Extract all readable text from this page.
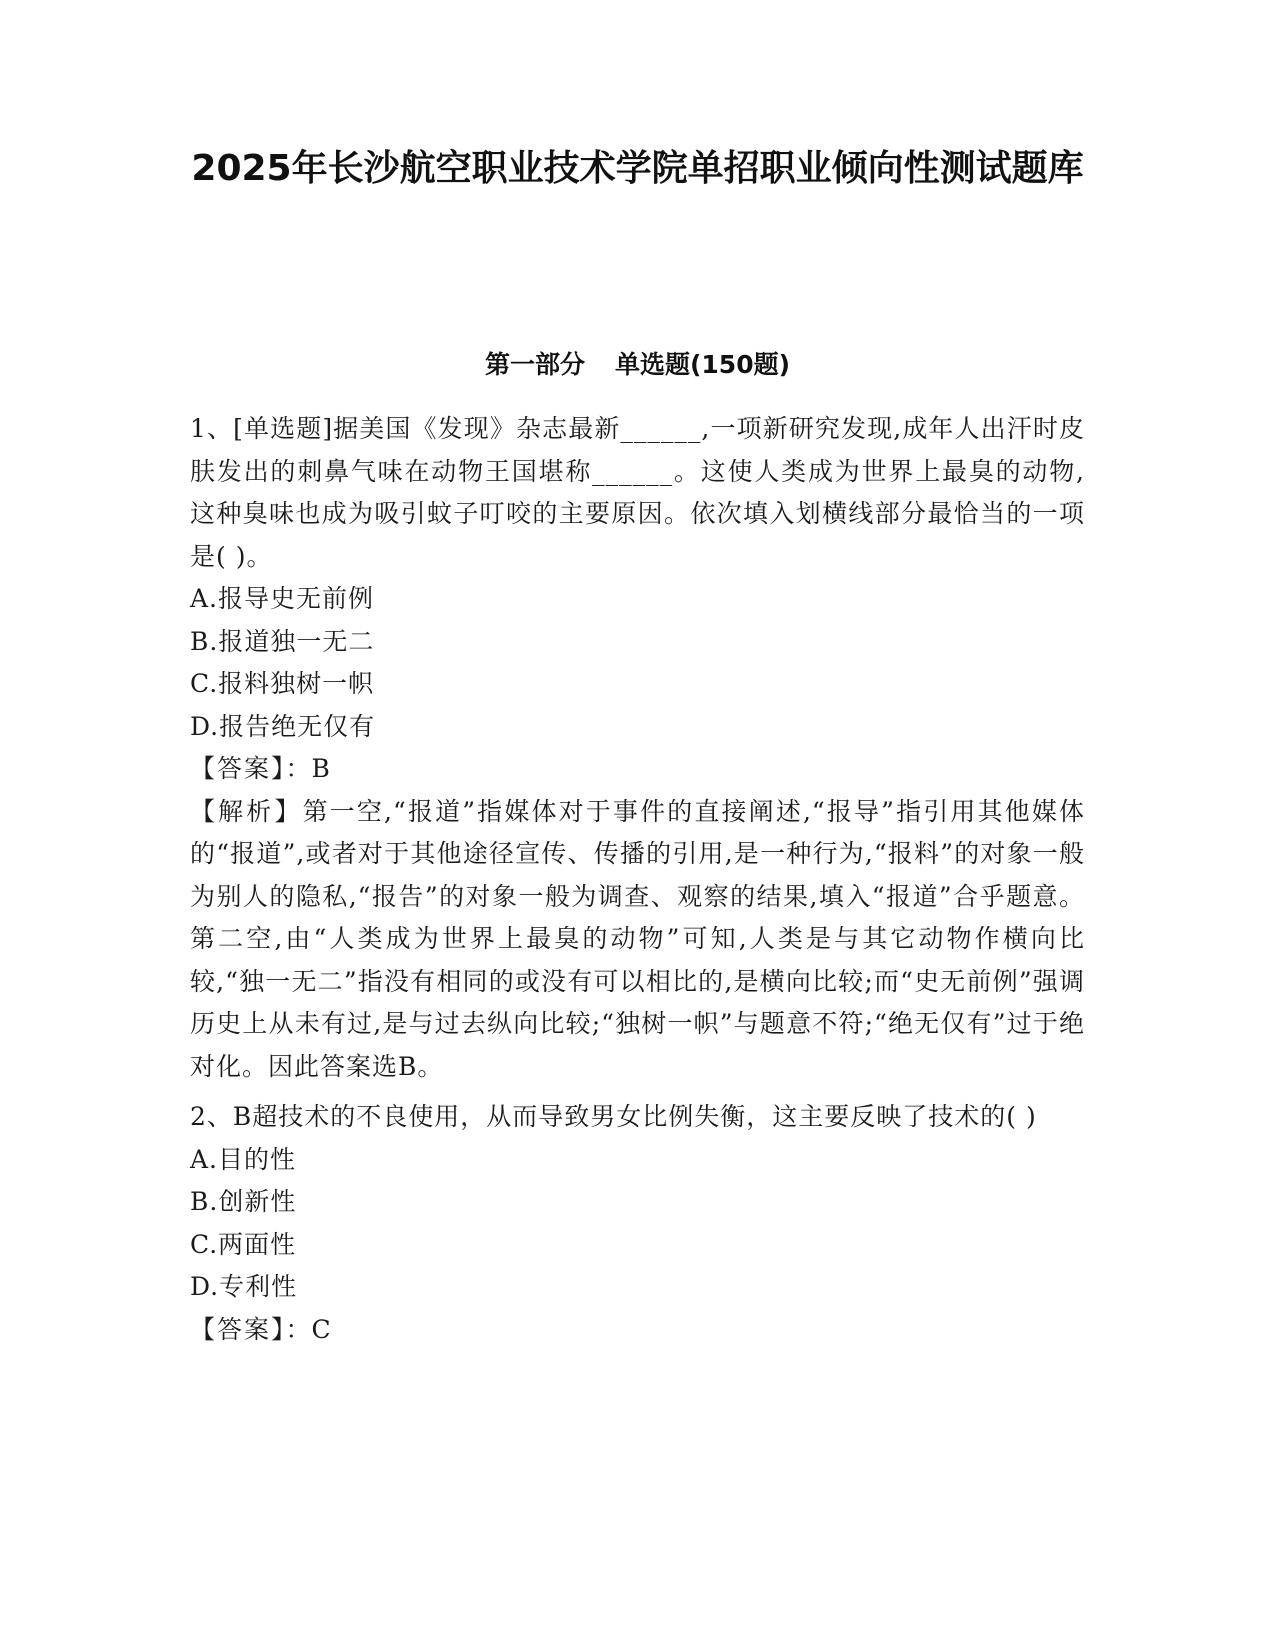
2025年长沙航空职业技术学院单招职业倾向性测试题库
第一部分 单选题(150题)

1、[单选题]据美国《发现》杂志最新______,一项新研究发现,成年人出汗时皮肤发出的刺鼻气味在动物王国堪称______。这使人类成为世界上最臭的动物,这种臭味也成为吸引蚊子叮咬的主要原因。依次填入划横线部分最恰当的一项是( )。

A.报导史无前例

B.报道独一无二

C.报料独树一帜

D.报告绝无仅有

【答案】：B

【解析】第一空,“报道”指媒体对于事件的直接阐述,“报导”指引用其他媒体的“报道”,或者对于其他途径宣传、传播的引用,是一种行为,“报料”的对象一般为别人的隐私,“报告”的对象一般为调查、观察的结果,填入“报道”合乎题意。第二空,由“人类成为世界上最臭的动物”可知,人类是与其它动物作横向比较,“独一无二”指没有相同的或没有可以相比的,是横向比较;而“史无前例”强调历史上从未有过,是与过去纵向比较;“独树一帜”与题意不符;“绝无仅有”过于绝对化。因此答案选B。

2、B超技术的不良使用，从而导致男女比例失衡，这主要反映了技术的( )

A.目的性

B.创新性

C.两面性

D.专利性

【答案】：C
